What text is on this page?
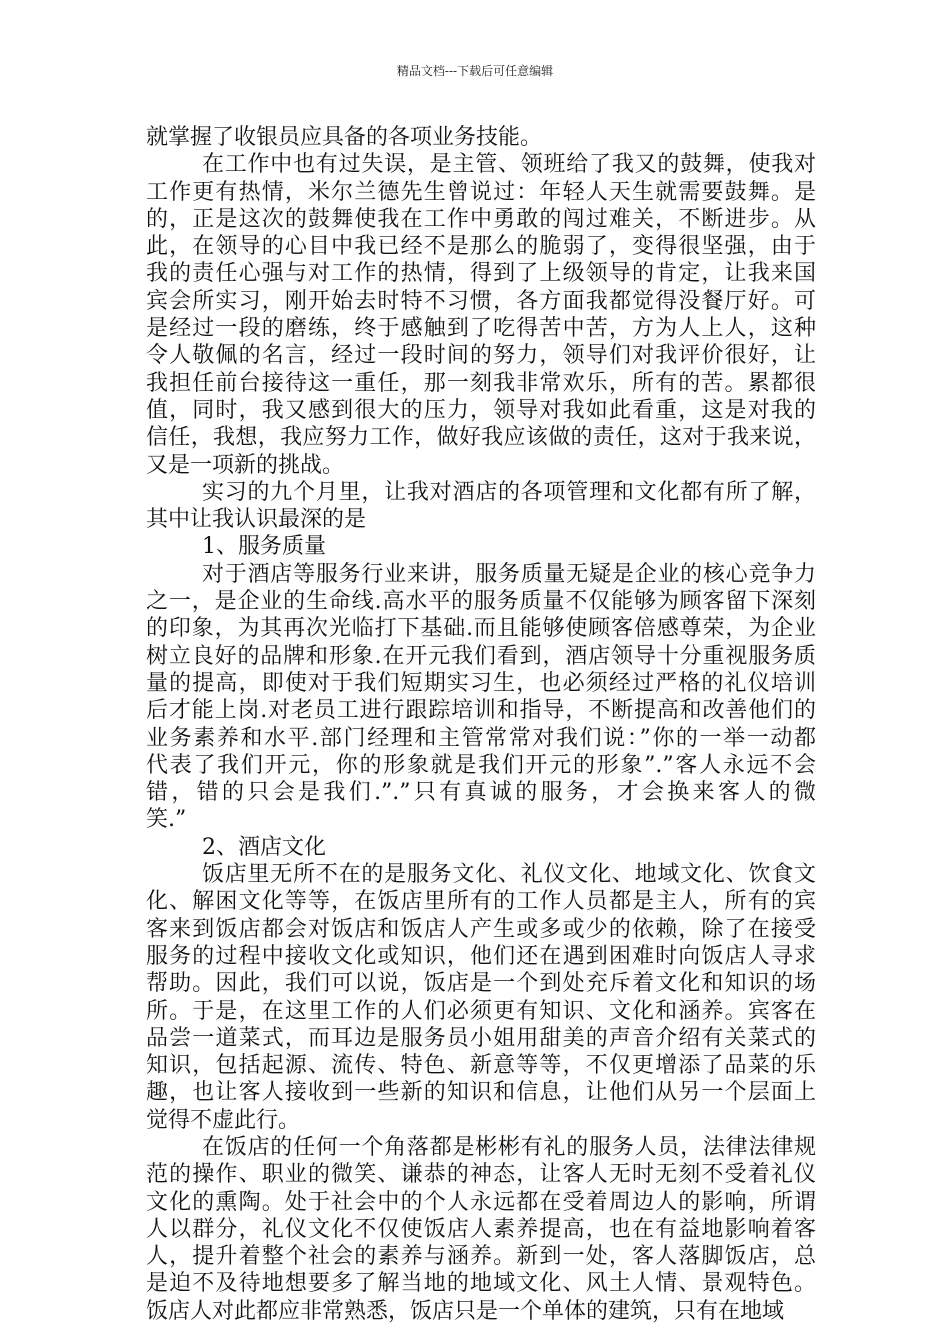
精品文档---下载后可任意编辑
就掌握了收银员应具备的各项业务技能。
在工作中也有过失误，是主管、领班给了我又的鼓舞，使我对
工作更有热情，米尔兰德先生曾说过：年轻人天生就需要鼓舞。是
的，正是这次的鼓舞使我在工作中勇敢的闯过难关，不断进步。从
此，在领导的心目中我已经不是那么的脆弱了，变得很坚强，由于
我的责任心强与对工作的热情，得到了上级领导的肯定，让我来国
宾会所实习，刚开始去时特不习惯，各方面我都觉得没餐厅好。可
是经过一段的磨练，终于感触到了吃得苦中苦，方为人上人，这种
令人敬佩的名言，经过一段时间的努力，领导们对我评价很好，让
我担任前台接待这一重任，那一刻我非常欢乐，所有的苦。累都很
值，同时，我又感到很大的压力，领导对我如此看重，这是对我的
信任，我想，我应努力工作，做好我应该做的责任，这对于我来说，
又是一项新的挑战。
实习的九个月里，让我对酒店的各项管理和文化都有所了解，
其中让我认识最深的是
1、服务质量
对于酒店等服务行业来讲，服务质量无疑是企业的核心竞争力
之一，是企业的生命线.高水平的服务质量不仅能够为顾客留下深刻
的印象，为其再次光临打下基础.而且能够使顾客倍感尊荣，为企业
树立良好的品牌和形象.在开元我们看到，酒店领导十分重视服务质
量的提高，即使对于我们短期实习生，也必须经过严格的礼仪培训
后才能上岗.对老员工进行跟踪培训和指导，不断提高和改善他们的
业务素养和水平.部门经理和主管常常对我们说：”你的一举一动都
代表了我们开元，你的形象就是我们开元的形象”.”客人永远不会
错，错的只会是我们.”.”只有真诚的服务，才会换来客人的微
笑.”
2、酒店文化
饭店里无所不在的是服务文化、礼仪文化、地域文化、饮食文
化、解困文化等等，在饭店里所有的工作人员都是主人，所有的宾
客来到饭店都会对饭店和饭店人产生或多或少的依赖，除了在接受
服务的过程中接收文化或知识，他们还在遇到困难时向饭店人寻求
帮助。因此，我们可以说，饭店是一个到处充斥着文化和知识的场
所。于是，在这里工作的人们必须更有知识、文化和涵养。宾客在
品尝一道菜式，而耳边是服务员小姐用甜美的声音介绍有关菜式的
知识，包括起源、流传、特色、新意等等，不仅更增添了品菜的乐
趣，也让客人接收到一些新的知识和信息，让他们从另一个层面上
觉得不虚此行。
在饭店的任何一个角落都是彬彬有礼的服务人员，法律法律规
范的操作、职业的微笑、谦恭的神态，让客人无时无刻不受着礼仪
文化的熏陶。处于社会中的个人永远都在受着周边人的影响，所谓
人以群分，礼仪文化不仅使饭店人素养提高，也在有益地影响着客
人，提升着整个社会的素养与涵养。新到一处，客人落脚饭店，总
是迫不及待地想要多了解当地的地域文化、风土人情、景观特色。
饭店人对此都应非常熟悉，饭店只是一个单体的建筑，只有在地域
